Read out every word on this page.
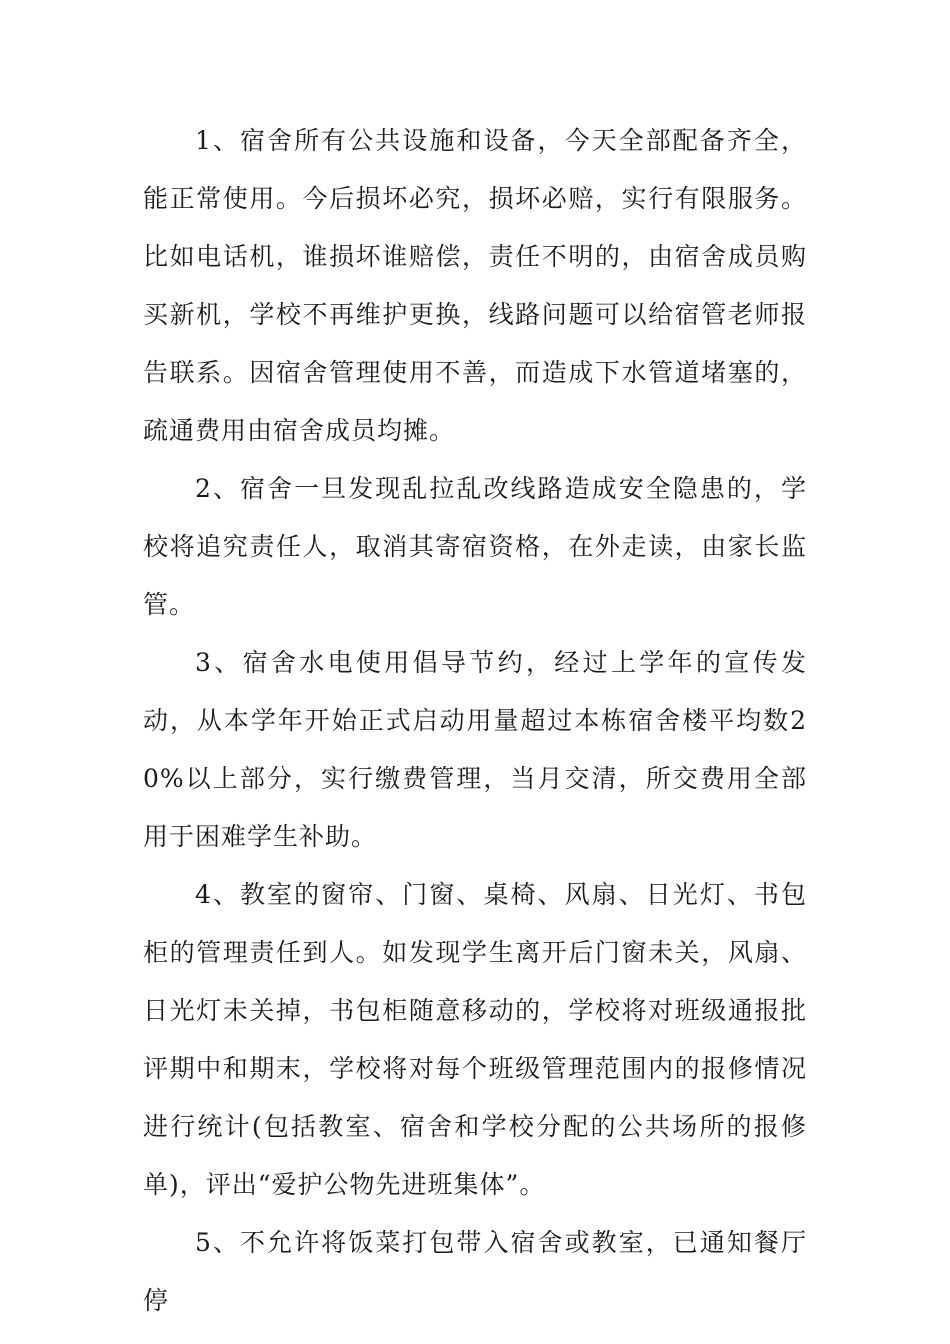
1、宿舍所有公共设施和设备，今天全部配备齐全，能正常使用。今后损坏必究，损坏必赔，实行有限服务。比如电话机，谁损坏谁赔偿，责任不明的，由宿舍成员购买新机，学校不再维护更换，线路问题可以给宿管老师报告联系。因宿舍管理使用不善，而造成下水管道堵塞的，疏通费用由宿舍成员均摊。

2、宿舍一旦发现乱拉乱改线路造成安全隐患的，学校将追究责任人，取消其寄宿资格，在外走读，由家长监管。

3、宿舍水电使用倡导节约，经过上学年的宣传发动，从本学年开始正式启动用量超过本栋宿舍楼平均数20%以上部分，实行缴费管理，当月交清，所交费用全部用于困难学生补助。

4、教室的窗帘、门窗、桌椅、风扇、日光灯、书包柜的管理责任到人。如发现学生离开后门窗未关，风扇、日光灯未关掉，书包柜随意移动的，学校将对班级通报批评期中和期末，学校将对每个班级管理范围内的报修情况进行统计(包括教室、宿舍和学校分配的公共场所的报修单)，评出“爱护公物先进班集体”。

5、不允许将饭菜打包带入宿舍或教室，已通知餐厅停
